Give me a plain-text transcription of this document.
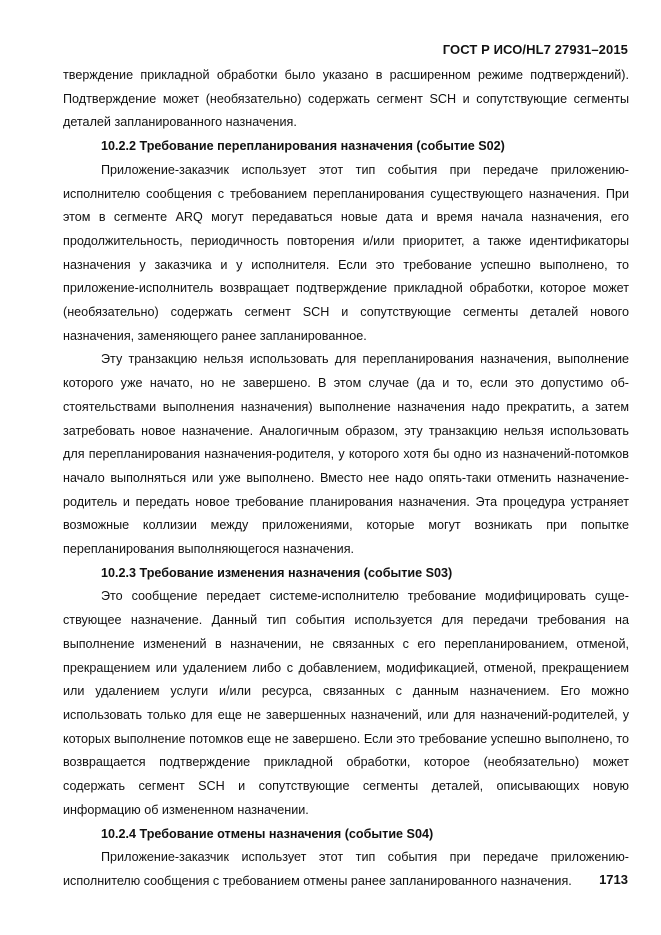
ГОСТ Р ИСО/HL7 27931–2015

тверждение прикладной обработки было указано в расширенном режиме подтверждений). Подтверждение может (необязательно) содержать сегмент SCH и сопутствующие сегменты деталей запланированного назначения.

10.2.2 Требование перепланирования назначения (событие S02)

Приложение-заказчик использует этот тип события при передаче приложению-исполнителю сообщения с требованием перепланирования существующего назначения. При этом в сегменте ARQ могут передаваться новые дата и время начала назначения, его продолжительность, периодичность повторения и/или приоритет, а также идентификаторы назначения у заказчика и у исполнителя. Если это требование успешно выполнено, то приложение-исполнитель возвращает подтверждение прикладной обработки, которое может (необязательно) содержать сегмент SCH и сопутствующие сегменты деталей нового назначения, заменяющего ранее запланированное.

Эту транзакцию нельзя использовать для перепланирования назначения, выполнение которого уже начато, но не завершено. В этом случае (да и то, если это допустимо обстоятельствами выполнения назначения) выполнение назначения надо прекратить, а затем затребовать новое назначение. Аналогичным образом, эту транзакцию нельзя использовать для перепланирования назначения-родителя, у которого хотя бы одно из назначений-потомков начало выполняться или уже выполнено. Вместо нее надо опять-таки отменить назначение-родитель и передать новое требование планирования назначения. Эта процедура устраняет возможные коллизии между приложениями, которые могут возникать при попытке перепланирования выполняющегося назначения.

10.2.3 Требование изменения назначения (событие S03)

Это сообщение передает системе-исполнителю требование модифицировать существующее назначение. Данный тип события используется для передачи требования на выполнение изменений в назначении, не связанных с его перепланированием, отменой, прекращением или удалением либо с добавлением, модификацией, отменой, прекращением или удалением услуги и/или ресурса, связанных с данным назначением. Его можно использовать только для еще не завершенных назначений, или для назначений-родителей, у которых выполнение потомков еще не завершено. Если это требование успешно выполнено, то возвращается подтверждение прикладной обработки, которое (необязательно) может содержать сегмент SCH и сопутствующие сегменты деталей, описывающих новую информацию об измененном назначении.

10.2.4 Требование отмены назначения (событие S04)

Приложение-заказчик использует этот тип события при передаче приложению-исполнителю сообщения с требованием отмены ранее запланированного назначения.	1713
